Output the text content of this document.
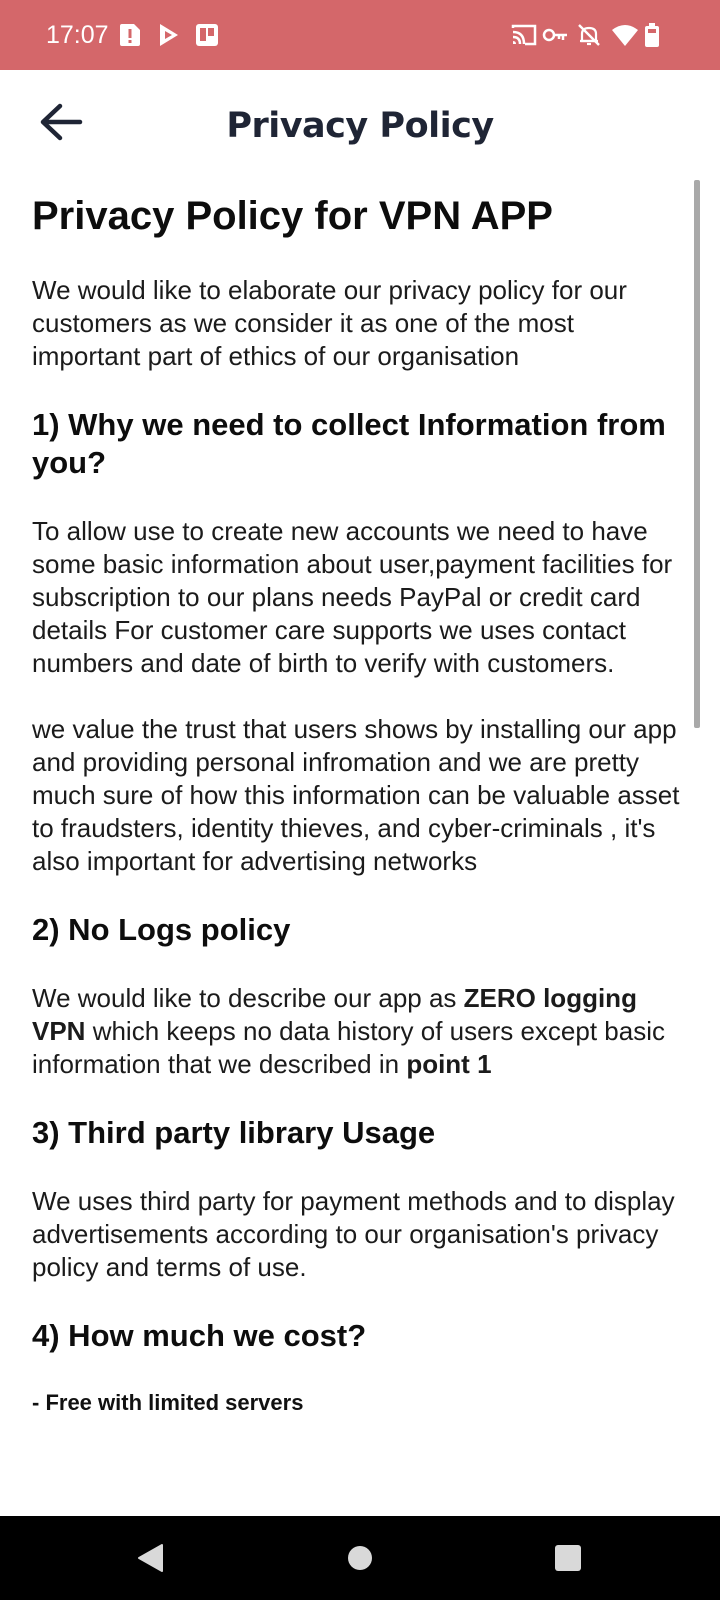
17:07
Privacy Policy
Privacy Policy for VPN APP

We would like to elaborate our privacy policy for our customers as we consider it as one of the most important part of ethics of our organisation

1) Why we need to collect Information from you?

To allow use to create new accounts we need to have some basic information about user,payment facilities for subscription to our plans needs PayPal or credit card details For customer care supports we uses contact numbers and date of birth to verify with customers.

we value the trust that users shows by installing our app and providing personal infromation and we are pretty much sure of how this information can be valuable asset to fraudsters, identity thieves, and cyber-criminals , it's also important for advertising networks

2) No Logs policy

We would like to describe our app as ZERO logging VPN which keeps no data history of users except basic information that we described in point 1

3) Third party library Usage

We uses third party for payment methods and to display advertisements according to our organisation's privacy policy and terms of use.

4) How much we cost?

- Free with limited servers
